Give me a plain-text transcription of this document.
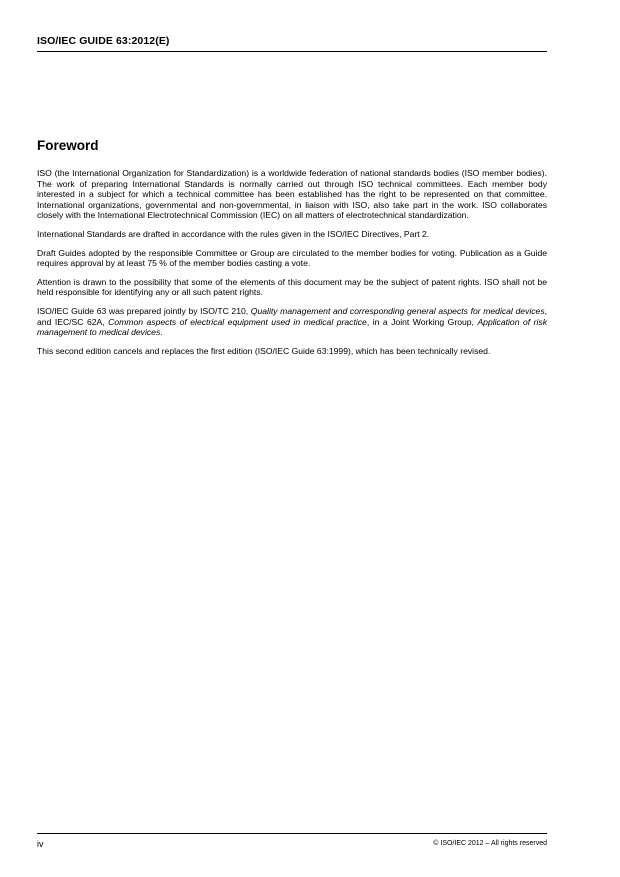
ISO/IEC GUIDE 63:2012(E)
Foreword

ISO (the International Organization for Standardization) is a worldwide federation of national standards bodies (ISO member bodies). The work of preparing International Standards is normally carried out through ISO technical committees. Each member body interested in a subject for which a technical committee has been established has the right to be represented on that committee. International organizations, governmental and non-governmental, in liaison with ISO, also take part in the work. ISO collaborates closely with the International Electrotechnical Commission (IEC) on all matters of electrotechnical standardization.

International Standards are drafted in accordance with the rules given in the ISO/IEC Directives, Part 2.

Draft Guides adopted by the responsible Committee or Group are circulated to the member bodies for voting. Publication as a Guide requires approval by at least 75 % of the member bodies casting a vote.

Attention is drawn to the possibility that some of the elements of this document may be the subject of patent rights. ISO shall not be held responsible for identifying any or all such patent rights.

ISO/IEC Guide 63 was prepared jointly by ISO/TC 210, Quality management and corresponding general aspects for medical devices, and IEC/SC 62A, Common aspects of electrical equipment used in medical practice, in a Joint Working Group, Application of risk management to medical devices.

This second edition cancels and replaces the first edition (ISO/IEC Guide 63:1999), which has been technically revised.

iv	© ISO/IEC 2012 – All rights reserved
